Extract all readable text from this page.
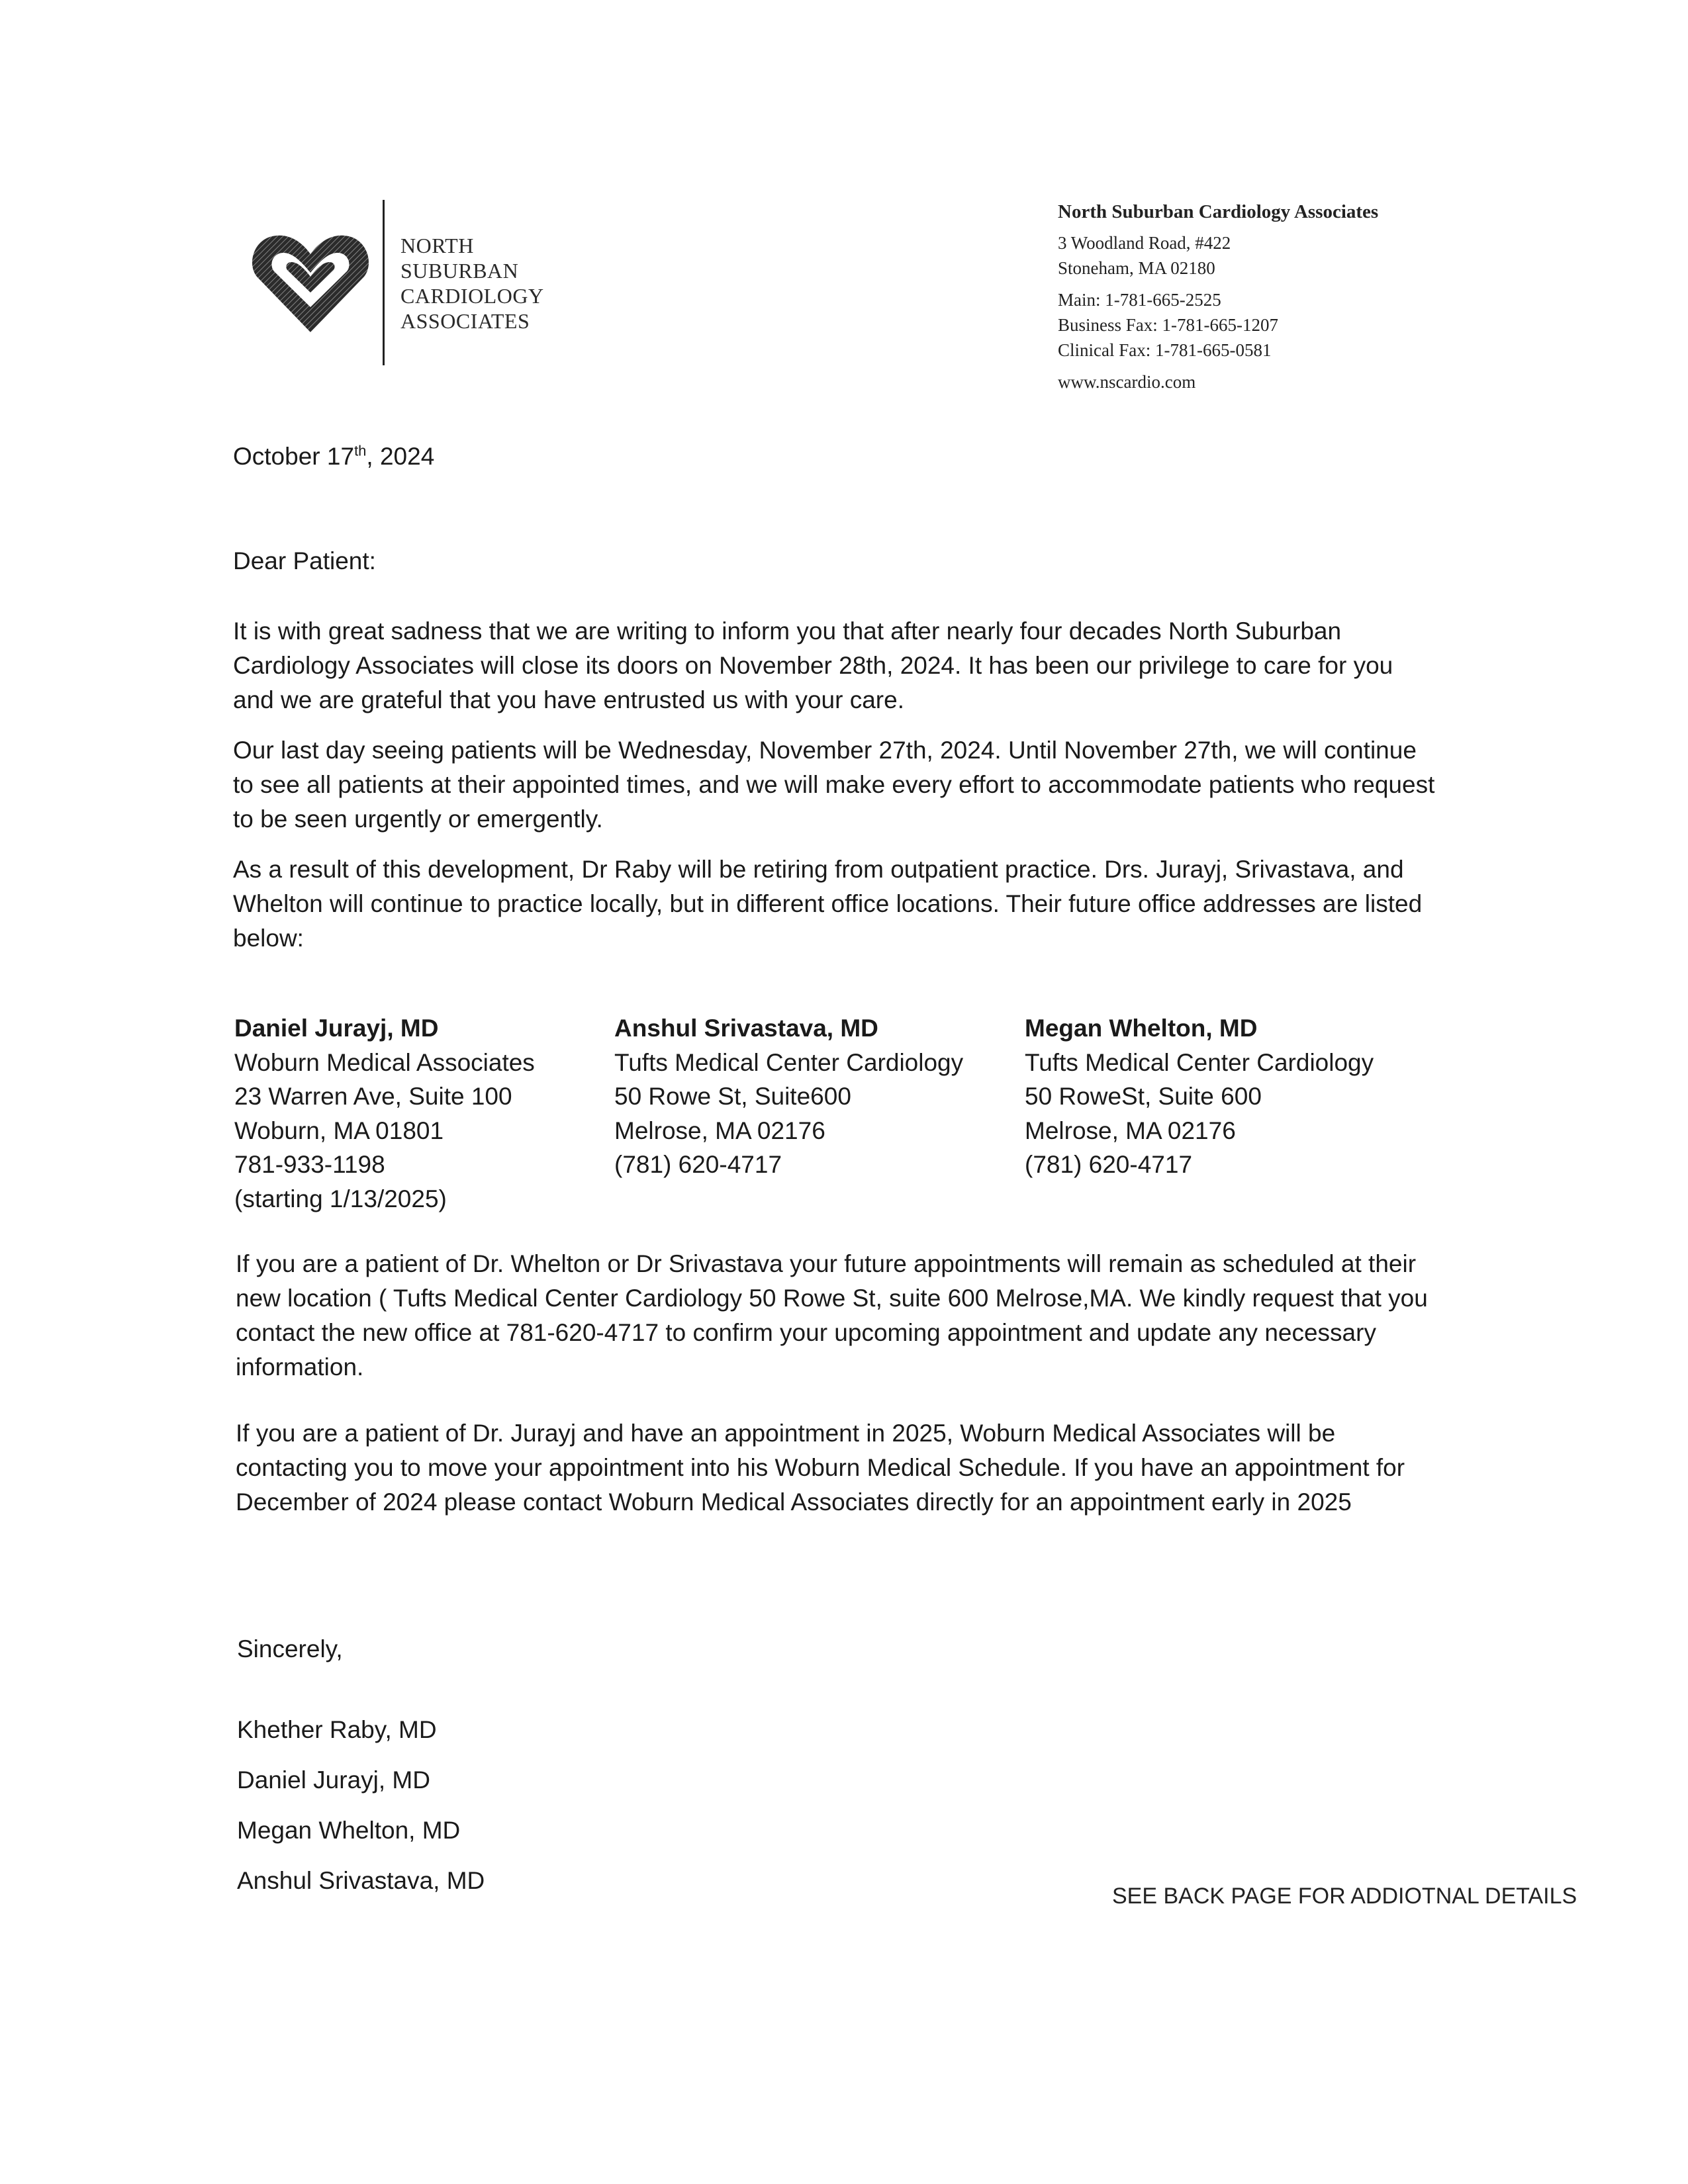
NORTH
SUBURBAN
CARDIOLOGY
ASSOCIATES
North Suburban Cardiology Associates
3 Woodland Road, #422
Stoneham, MA 02180
Main: 1-781-665-2525
Business Fax: 1-781-665-1207
Clinical Fax: 1-781-665-0581
www.nscardio.com
October 17th, 2024
Dear Patient:
It is with great sadness that we are writing to inform you that after nearly four decades North Suburban Cardiology Associates will close its doors on November 28th, 2024. It has been our privilege to care for you and we are grateful that you have entrusted us with your care.
Our last day seeing patients will be Wednesday, November 27th, 2024. Until November 27th, we will continue to see all patients at their appointed times, and we will make every effort to accommodate patients who request to be seen urgently or emergently.
As a result of this development, Dr Raby will be retiring from outpatient practice. Drs. Jurayj, Srivastava, and Whelton will continue to practice locally, but in different office locations. Their future office addresses are listed below:
Daniel Jurayj, MD
Woburn Medical Associates
23 Warren Ave, Suite 100
Woburn, MA 01801
781-933-1198
(starting 1/13/2025)
Anshul Srivastava, MD
Tufts Medical Center Cardiology
50 Rowe St, Suite600
Melrose, MA 02176
(781) 620-4717
Megan Whelton, MD
Tufts Medical Center Cardiology
50 RoweSt, Suite 600
Melrose, MA 02176
(781) 620-4717
If you are a patient of Dr. Whelton or Dr Srivastava your future appointments will remain as scheduled at their new location ( Tufts Medical Center Cardiology 50 Rowe St, suite 600 Melrose,MA. We kindly request that you contact the new office at 781-620-4717 to confirm your upcoming appointment and update any necessary information.
If you are a patient of Dr. Jurayj and have an appointment in 2025, Woburn Medical Associates will be contacting you to move your appointment into his Woburn Medical Schedule. If you have an appointment for December of 2024 please contact Woburn Medical Associates directly for an appointment early in 2025
Sincerely,
Khether Raby, MD
Daniel Jurayj, MD
Megan Whelton, MD
Anshul Srivastava, MD
SEE BACK PAGE FOR ADDIOTNAL DETAILS
